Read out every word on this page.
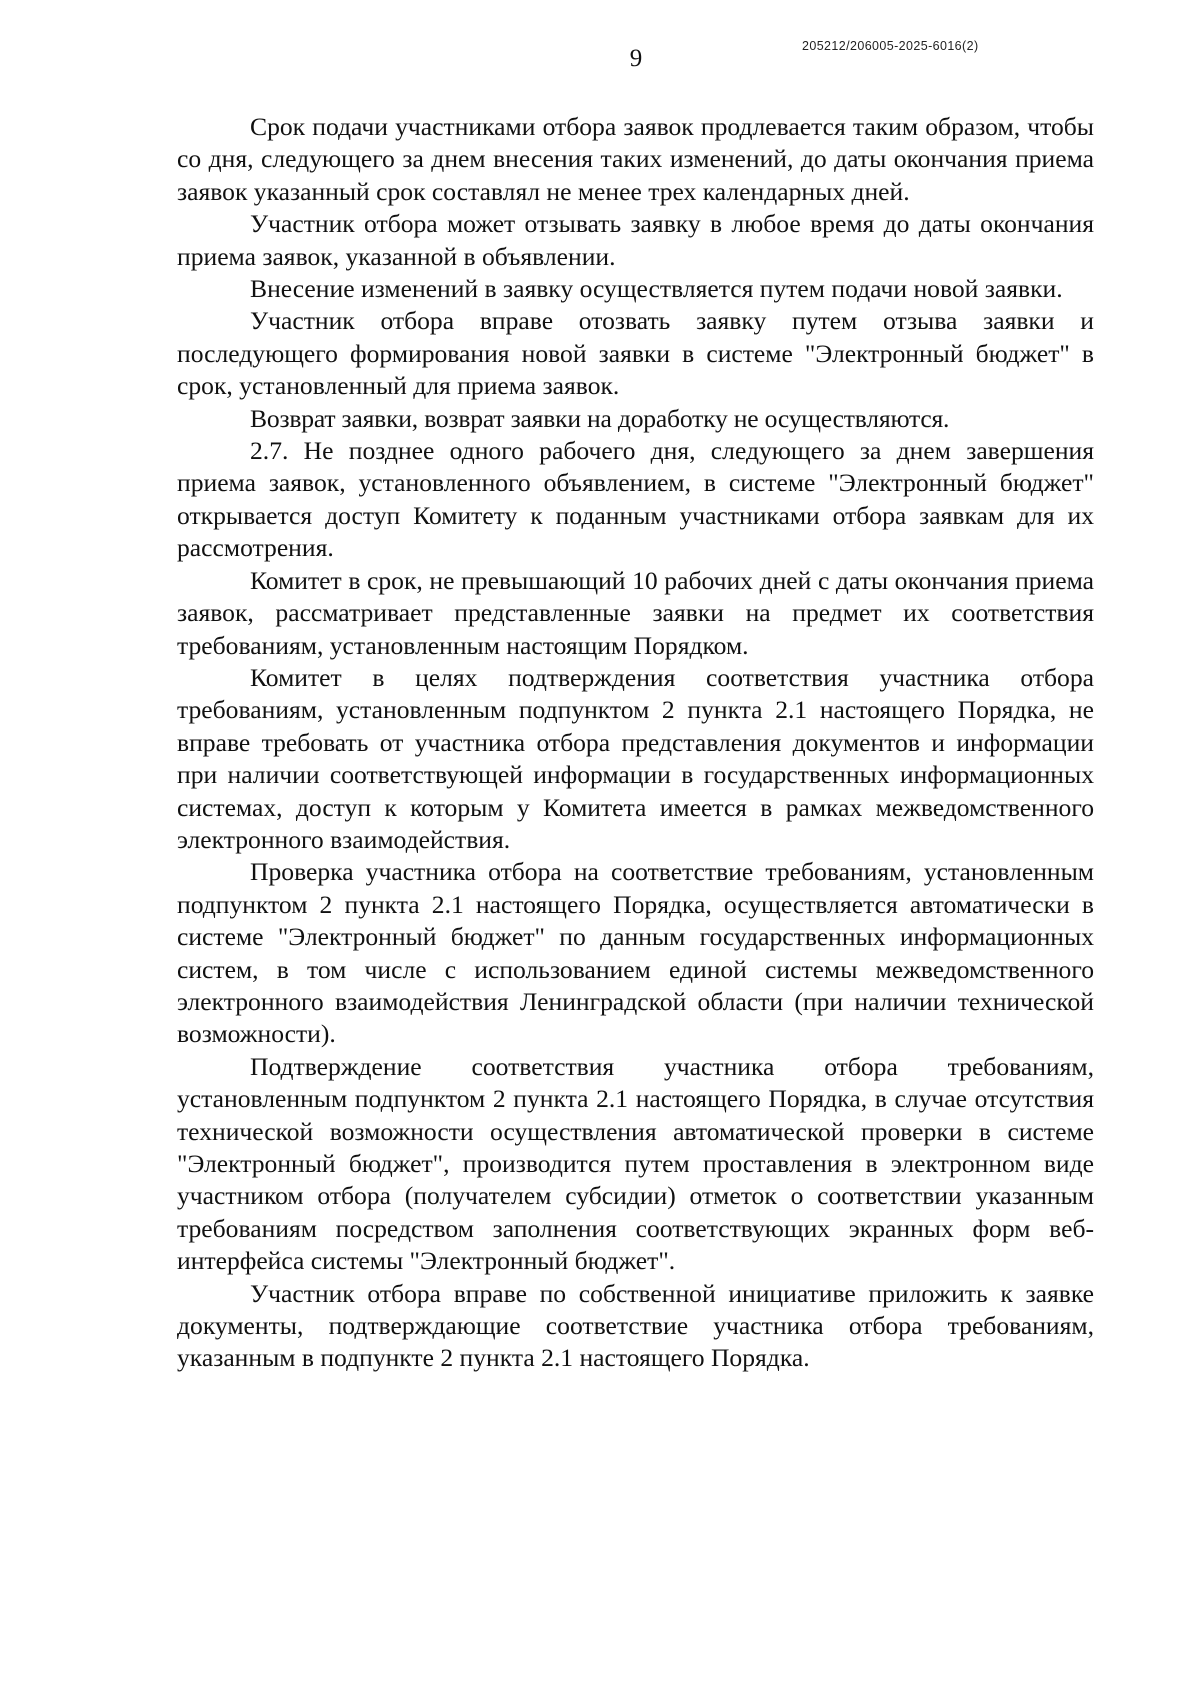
9	205212/206005-2025-6016(2)

Срок подачи участниками отбора заявок продлевается таким образом, чтобы со дня, следующего за днем внесения таких изменений, до даты окончания приема заявок указанный срок составлял не менее трех календарных дней.

Участник отбора может отзывать заявку в любое время до даты окончания приема заявок, указанной в объявлении.

Внесение изменений в заявку осуществляется путем подачи новой заявки.

Участник отбора вправе отозвать заявку путем отзыва заявки и последующего формирования новой заявки в системе "Электронный бюджет" в срок, установленный для приема заявок.

Возврат заявки, возврат заявки на доработку не осуществляются.

2.7. Не позднее одного рабочего дня, следующего за днем завершения приема заявок, установленного объявлением, в системе "Электронный бюджет" открывается доступ Комитету к поданным участниками отбора заявкам для их рассмотрения.

Комитет в срок, не превышающий 10 рабочих дней с даты окончания приема заявок, рассматривает представленные заявки на предмет их соответствия требованиям, установленным настоящим Порядком.

Комитет в целях подтверждения соответствия участника отбора требованиям, установленным подпунктом 2 пункта 2.1 настоящего Порядка, не вправе требовать от участника отбора представления документов и информации при наличии соответствующей информации в государственных информационных системах, доступ к которым у Комитета имеется в рамках межведомственного электронного взаимодействия.

Проверка участника отбора на соответствие требованиям, установленным подпунктом 2 пункта 2.1 настоящего Порядка, осуществляется автоматически в системе "Электронный бюджет" по данным государственных информационных систем, в том числе с использованием единой системы межведомственного электронного взаимодействия Ленинградской области (при наличии технической возможности).

Подтверждение соответствия участника отбора требованиям, установленным подпунктом 2 пункта 2.1 настоящего Порядка, в случае отсутствия технической возможности осуществления автоматической проверки в системе "Электронный бюджет", производится путем проставления в электронном виде участником отбора (получателем субсидии) отметок о соответствии указанным требованиям посредством заполнения соответствующих экранных форм веб-интерфейса системы "Электронный бюджет".

Участник отбора вправе по собственной инициативе приложить к заявке документы, подтверждающие соответствие участника отбора требованиям, указанным в подпункте 2 пункта 2.1 настоящего Порядка.
